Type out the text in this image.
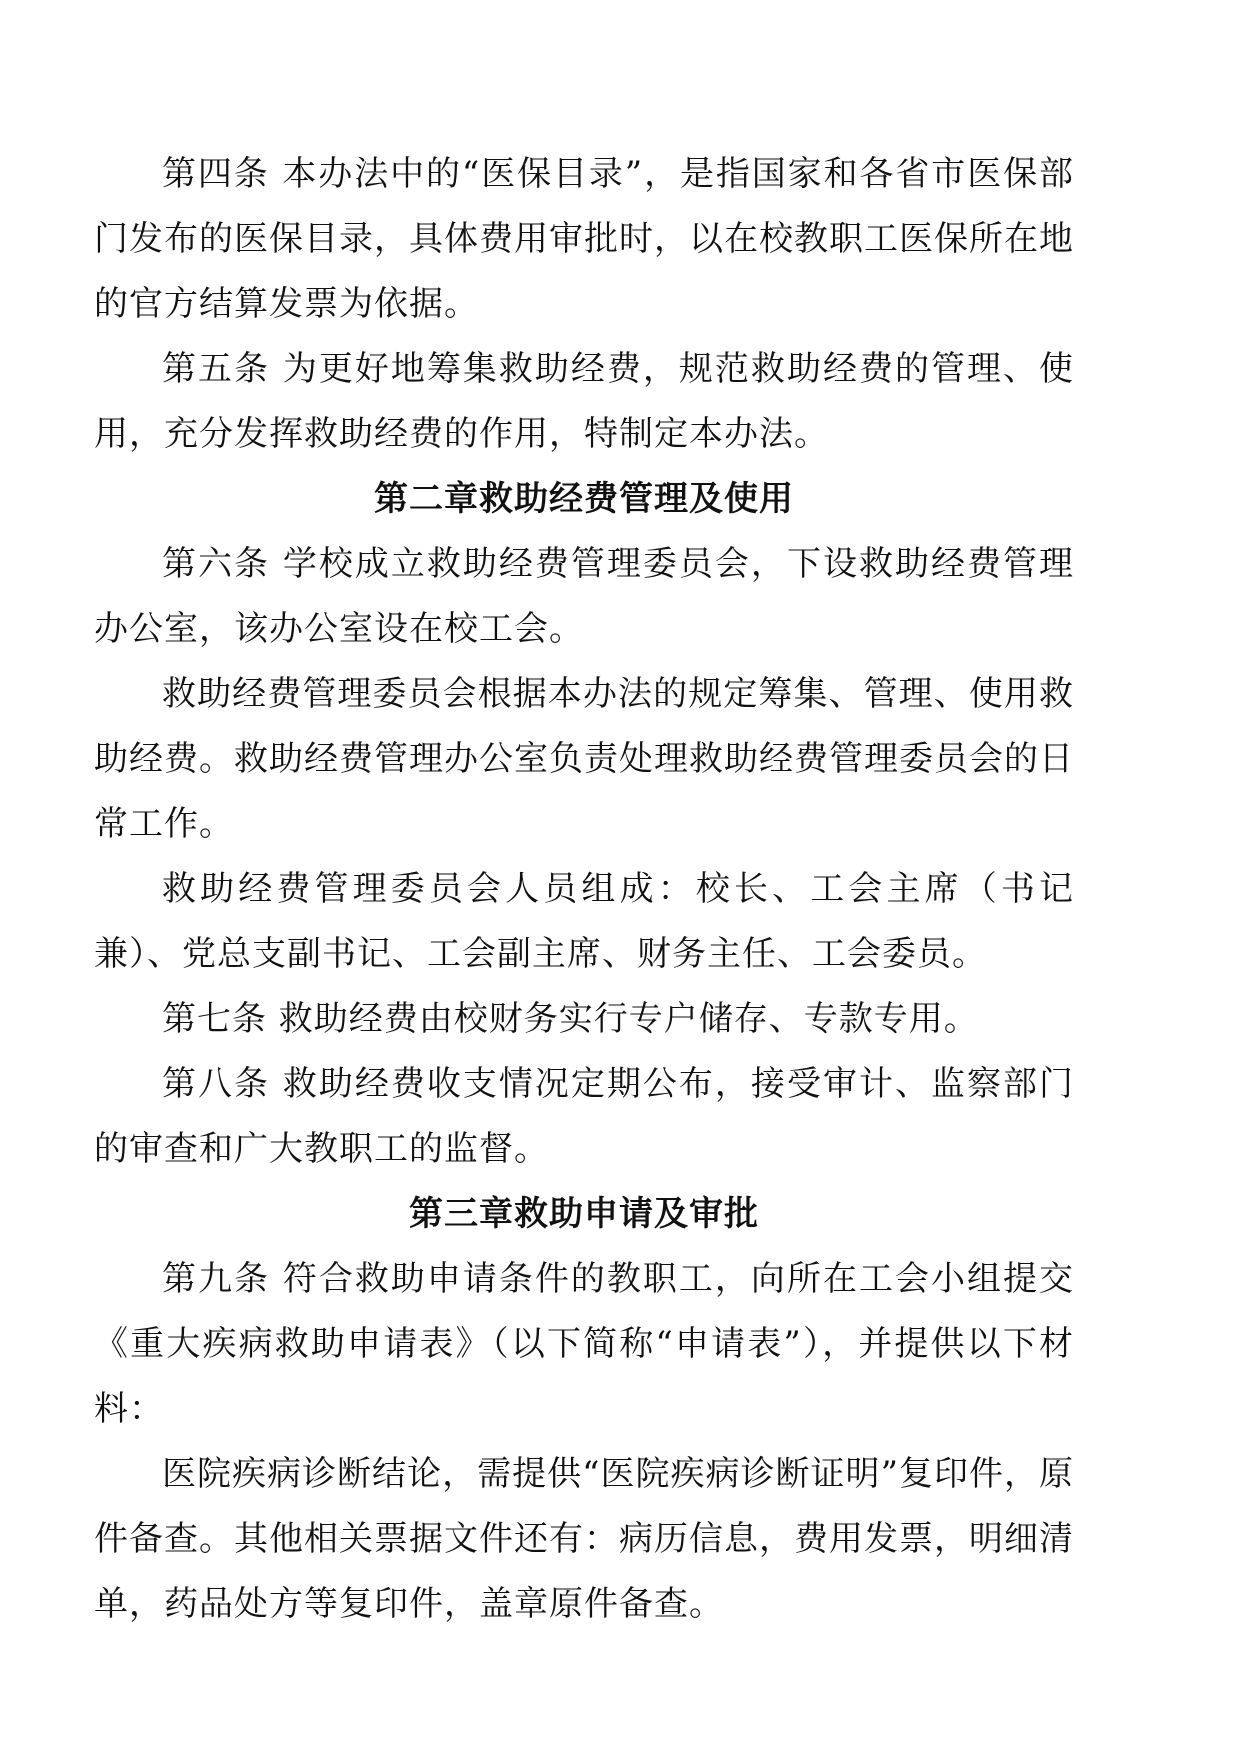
第四条 本办法中的“医保目录”，是指国家和各省市医保部门发布的医保目录，具体费用审批时，以在校教职工医保所在地的官方结算发票为依据。

第五条 为更好地筹集救助经费，规范救助经费的管理、使用，充分发挥救助经费的作用，特制定本办法。

第二章救助经费管理及使用

第六条 学校成立救助经费管理委员会，下设救助经费管理办公室，该办公室设在校工会。

救助经费管理委员会根据本办法的规定筹集、管理、使用救助经费。救助经费管理办公室负责处理救助经费管理委员会的日常工作。

救助经费管理委员会人员组成：校长、工会主席（书记兼）、党总支副书记、工会副主席、财务主任、工会委员。

第七条 救助经费由校财务实行专户储存、专款专用。

第八条 救助经费收支情况定期公布，接受审计、监察部门的审查和广大教职工的监督。

第三章救助申请及审批

第九条 符合救助申请条件的教职工，向所在工会小组提交《重大疾病救助申请表》（以下简称“申请表”），并提供以下材料：

医院疾病诊断结论，需提供“医院疾病诊断证明”复印件，原件备查。其他相关票据文件还有：病历信息，费用发票，明细清单，药品处方等复印件，盖章原件备查。
